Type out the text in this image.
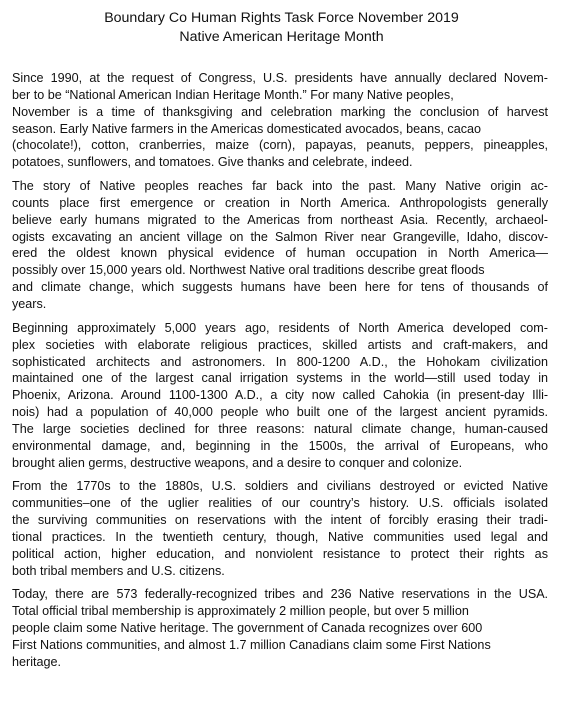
Boundary Co Human Rights Task Force November 2019
Native American Heritage Month
Since 1990, at the request of Congress, U.S. presidents have annually declared Novem-
ber to be “National American Indian Heritage Month.” For many Native peoples,
November is a time of thanksgiving and celebration marking the conclusion of harvest
season. Early Native farmers in the Americas domesticated avocados, beans, cacao
(chocolate!), cotton, cranberries, maize (corn), papayas, peanuts, peppers, pineapples,
potatoes, sunflowers, and tomatoes. Give thanks and celebrate, indeed.
The story of Native peoples reaches far back into the past. Many Native origin ac-
counts place first emergence or creation in North America. Anthropologists generally
believe early humans migrated to the Americas from northeast Asia. Recently, archaeol-
ogists excavating an ancient village on the Salmon River near Grangeville, Idaho, discov-
ered the oldest known physical evidence of human occupation in North America—
possibly over 15,000 years old. Northwest Native oral traditions describe great floods
and climate change, which suggests humans have been here for tens of thousands of
years.
Beginning approximately 5,000 years ago, residents of North America developed com-
plex societies with elaborate religious practices, skilled artists and craft-makers, and
sophisticated architects and astronomers. In 800-1200 A.D., the Hohokam civilization
maintained one of the largest canal irrigation systems in the world—still used today in
Phoenix, Arizona. Around 1100-1300 A.D., a city now called Cahokia (in present-day Illi-
nois) had a population of 40,000 people who built one of the largest ancient pyramids.
The large societies declined for three reasons: natural climate change, human-caused
environmental damage, and, beginning in the 1500s, the arrival of Europeans, who
brought alien germs, destructive weapons, and a desire to conquer and colonize.
From the 1770s to the 1880s, U.S. soldiers and civilians destroyed or evicted Native
communities–one of the uglier realities of our country’s history. U.S. officials isolated
the surviving communities on reservations with the intent of forcibly erasing their tradi-
tional practices. In the twentieth century, though, Native communities used legal and
political action, higher education, and nonviolent resistance to protect their rights as
both tribal members and U.S. citizens.
Today, there are 573 federally-recognized tribes and 236 Native reservations in the USA.
Total official tribal membership is approximately 2 million people, but over 5 million
people claim some Native heritage. The government of Canada recognizes over 600
First Nations communities, and almost 1.7 million Canadians claim some First Nations
heritage.
